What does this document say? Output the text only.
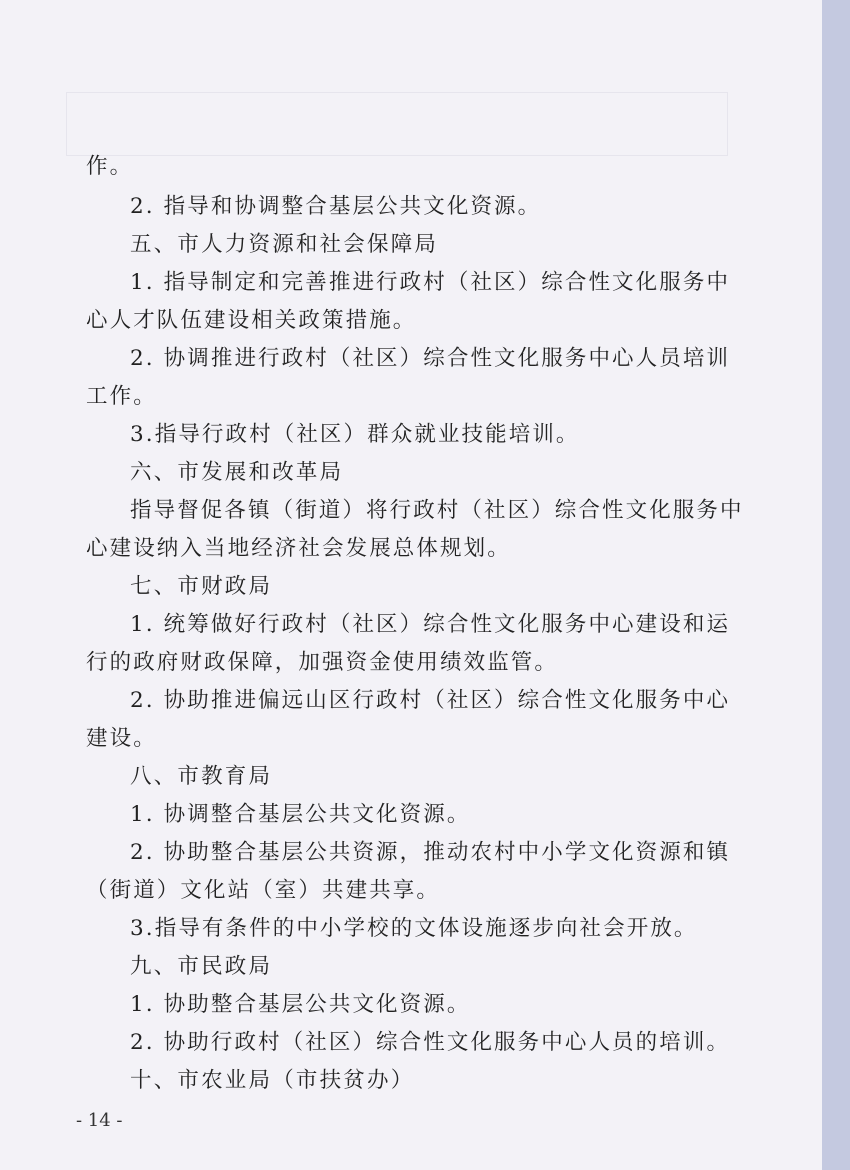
作。
2. 指导和协调整合基层公共文化资源。
五、市人力资源和社会保障局
1. 指导制定和完善推进行政村（社区）综合性文化服务中
心人才队伍建设相关政策措施。
2. 协调推进行政村（社区）综合性文化服务中心人员培训
工作。
3.指导行政村（社区）群众就业技能培训。
六、市发展和改革局
指导督促各镇（街道）将行政村（社区）综合性文化服务中
心建设纳入当地经济社会发展总体规划。
七、市财政局
1. 统筹做好行政村（社区）综合性文化服务中心建设和运
行的政府财政保障，加强资金使用绩效监管。
2. 协助推进偏远山区行政村（社区）综合性文化服务中心
建设。
八、市教育局
1. 协调整合基层公共文化资源。
2. 协助整合基层公共资源，推动农村中小学文化资源和镇
（街道）文化站（室）共建共享。
3.指导有条件的中小学校的文体设施逐步向社会开放。
九、市民政局
1. 协助整合基层公共文化资源。
2. 协助行政村（社区）综合性文化服务中心人员的培训。
十、市农业局（市扶贫办）
- 14 -
